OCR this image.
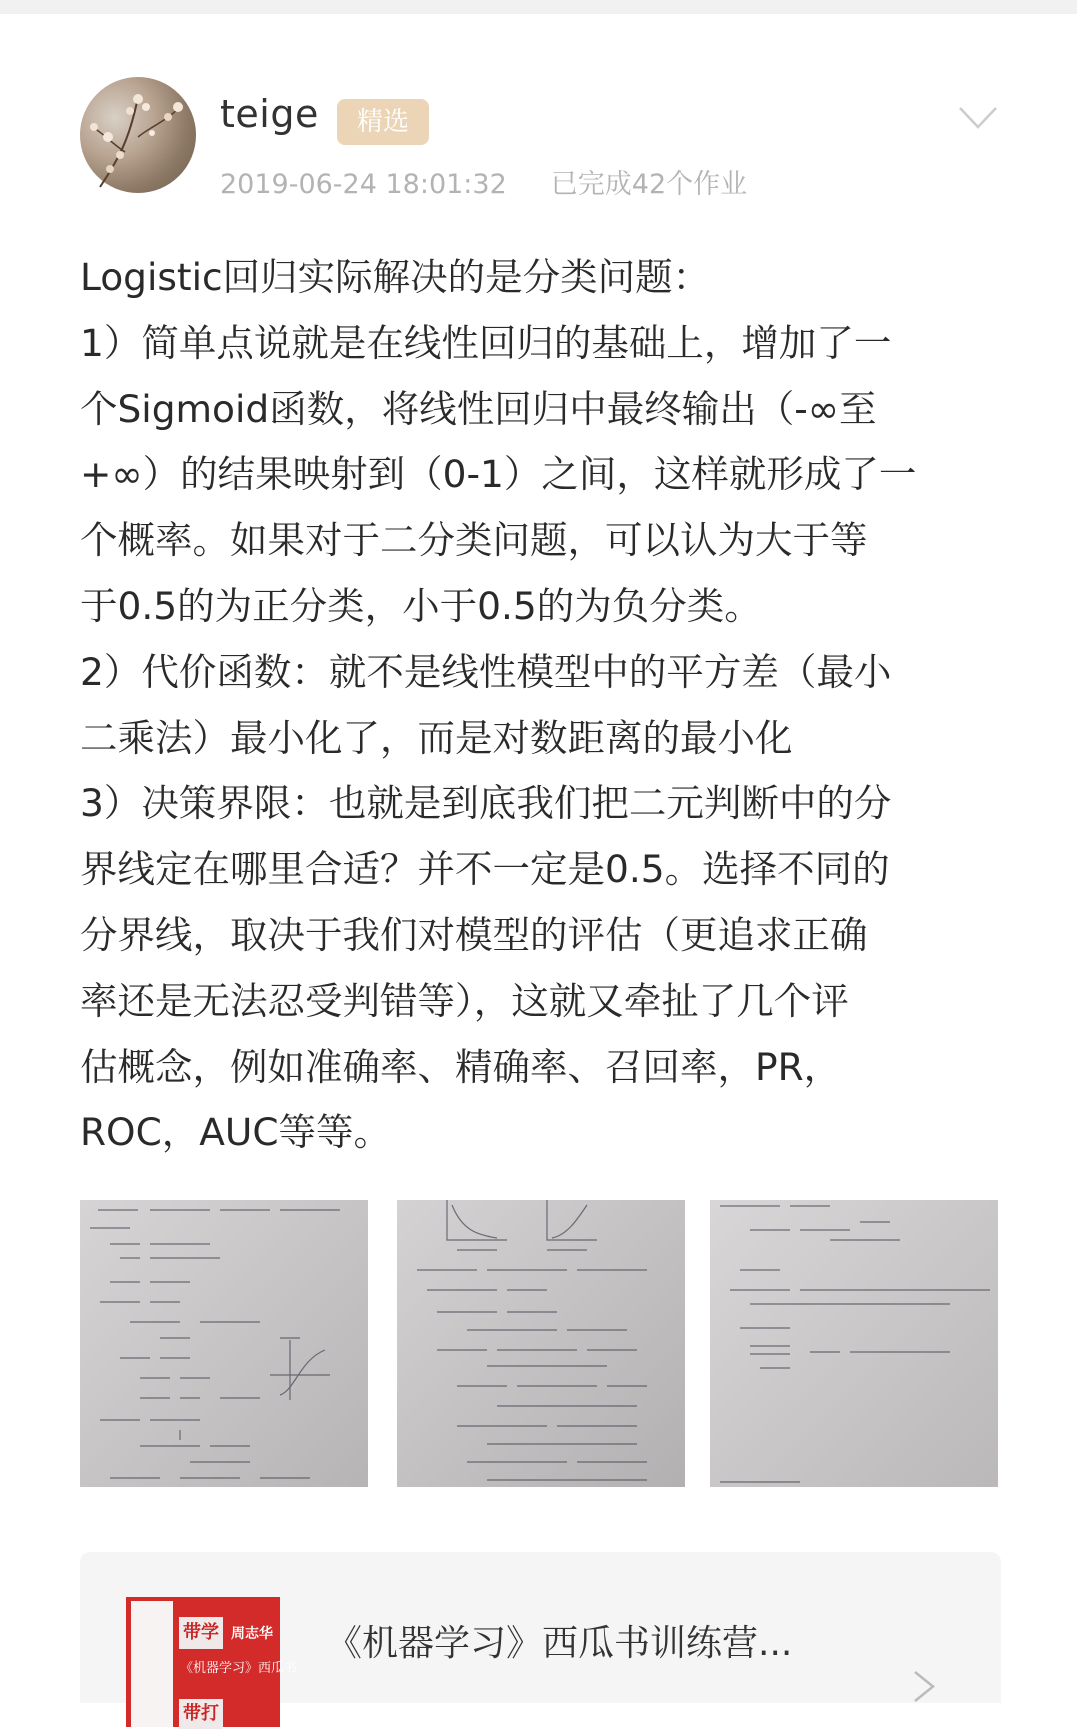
teige	精选
2019-06-24 18:01:32 已完成42个作业

Logistic回归实际解决的是分类问题：

1）简单点说就是在线性回归的基础上，增加了一

个Sigmoid函数，将线性回归中最终输出（-∞至

+∞）的结果映射到（0-1）之间，这样就形成了一

个概率。如果对于二分类问题，可以认为大于等

于0.5的为正分类，小于0.5的为负分类。

2）代价函数：就不是线性模型中的平方差（最小

二乘法）最小化了，而是对数距离的最小化

3）决策界限：也就是到底我们把二元判断中的分

界线定在哪里合适？并不一定是0.5。选择不同的

分界线，取决于我们对模型的评估（更追求正确

率还是无法忍受判错等），这就又牵扯了几个评

估概念，例如准确率、精确率、召回率，PR，

ROC，AUC等等。

带学 周志华
《机器学习》西瓜书
带打
《机器学习》西瓜书训练营...
